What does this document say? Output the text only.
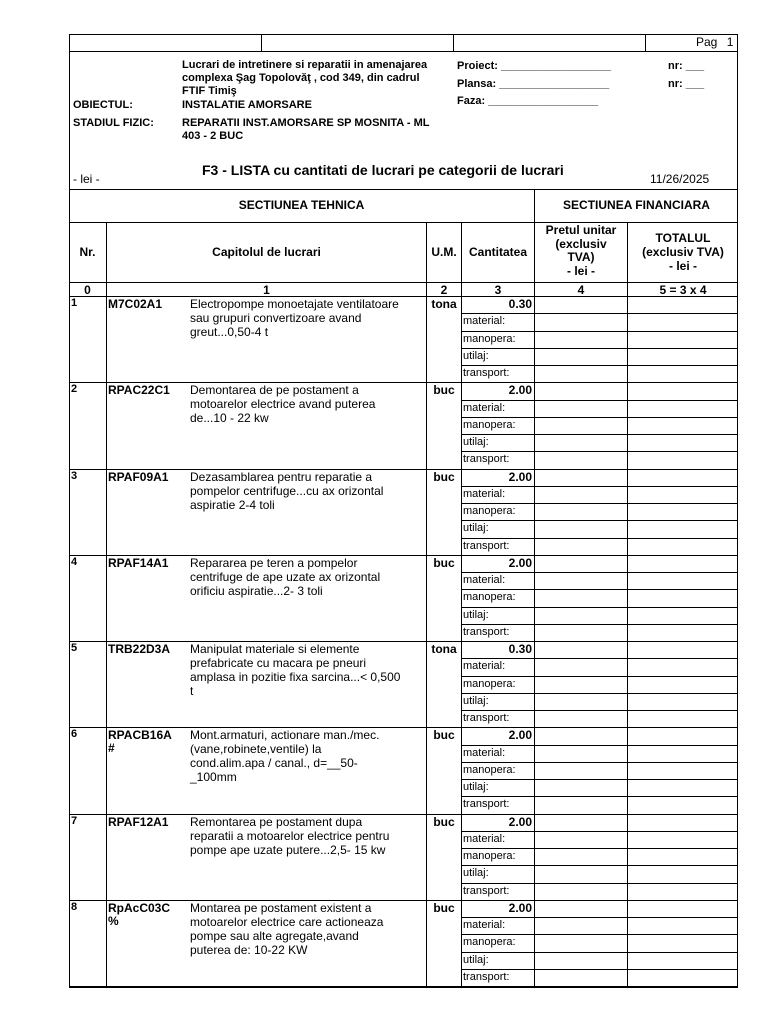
Pag 1
Lucrari de intretinere si reparatii in amenajarea
complexa Şag Topolovăţ , cod 349, din cadrul
FTIF Timiş
OBIECTUL:	INSTALATIE AMORSARE
STADIUL FIZIC:	REPARATII INST.AMORSARE SP MOSNITA - ML
403 - 2 BUC
Proiect: __________________
Plansa: __________________
Faza: __________________
nr: ___
nr: ___
- lei -
F3 - LISTA cu cantitati de lucrari pe categorii de lucrari
11/26/2025
SECTIUNEA TEHNICA	SECTIUNEA FINANCIARA
Nr.	Capitolul de lucrari	U.M.	Cantitatea
Pretul unitar
(exclusiv
TVA)
- lei -
TOTALUL
(exclusiv TVA)
- lei -
0	1	2	3	4	5 = 3 x 4
1	M7C02A1 Electropompe monoetajate ventilatoare
sau grupuri convertizoare avand
greut...0,50-4 t
tona	0.30
material:
manopera:
utilaj:
transport:
2	RPAC22C1 Demontarea de pe postament a
motoarelor electrice avand puterea
de...10 - 22 kw
buc	2.00
material:
manopera:
utilaj:
transport:
3	RPAF09A1 Dezasamblarea pentru reparatie a
pompelor centrifuge...cu ax orizontal
aspiratie 2-4 toli
buc	2.00
material:
manopera:
utilaj:
transport:
4	RPAF14A1 Repararea pe teren a pompelor
centrifuge de ape uzate ax orizontal
orificiu aspiratie...2- 3 toli
buc	2.00
material:
manopera:
utilaj:
transport:
5	TRB22D3A Manipulat materiale si elemente
prefabricate cu macara pe pneuri
amplasa in pozitie fixa sarcina...< 0,500
t
tona	0.30
material:
manopera:
utilaj:
transport:
6	RPACB16A
#
Mont.armaturi, actionare man./mec.
(vane,robinete,ventile) la
cond.alim.apa / canal., d=__50-
_100mm
buc	2.00
material:
manopera:
utilaj:
transport:
7	RPAF12A1 Remontarea pe postament dupa
reparatii a motoarelor electrice pentru
pompe ape uzate putere...2,5- 15 kw
buc	2.00
material:
manopera:
utilaj:
transport:
8	RpAcC03C
%
Montarea pe postament existent a
motoarelor electrice care actioneaza
pompe sau alte agregate,avand
puterea de: 10-22 KW
buc	2.00
material:
manopera:
utilaj:
transport:
